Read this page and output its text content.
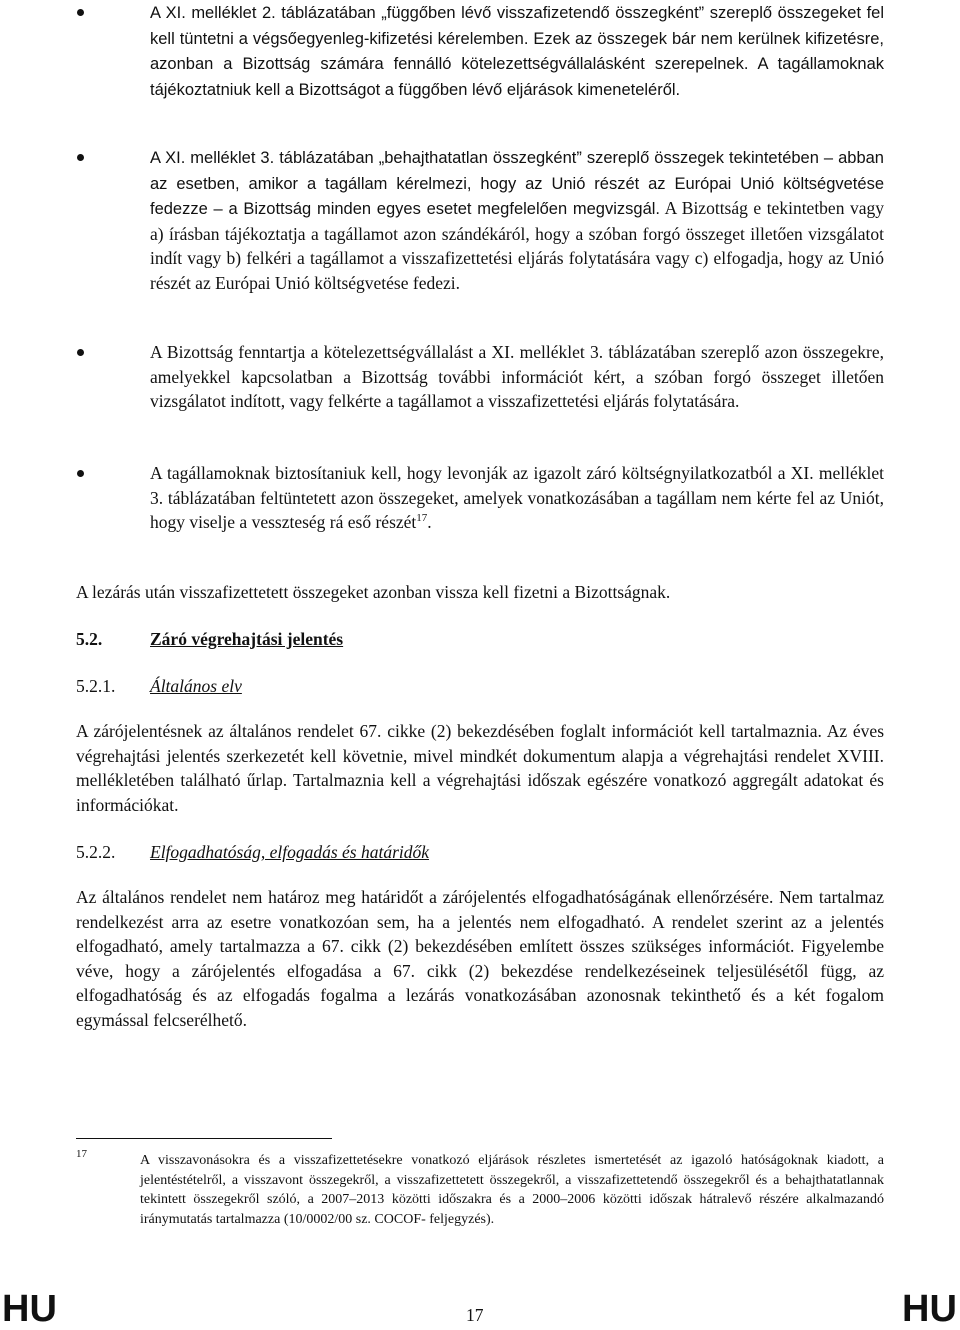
A XI. melléklet 2. táblázatában „függőben lévő visszafizetendő összegként” szereplő összegeket fel kell tüntetni a végsőegyenleg-kifizetési kérelemben. Ezek az összegek bár nem kerülnek kifizetésre, azonban a Bizottság számára fennálló kötelezettségvállalásként szerepelnek. A tagállamoknak tájékoztatniuk kell a Bizottságot a függőben lévő eljárások kimeneteléről.
A XI. melléklet 3. táblázatában „behajthatatlan összegként” szereplő összegek tekintetében – abban az esetben, amikor a tagállam kérelmezi, hogy az Unió részét az Európai Unió költségvetése fedezze – a Bizottság minden egyes esetet megfelelően megvizsgál. A Bizottság e tekintetben vagy a) írásban tájékoztatja a tagállamot azon szándékáról, hogy a szóban forgó összeget illetően vizsgálatot indít vagy b) felkéri a tagállamot a visszafizettetési eljárás folytatására vagy c) elfogadja, hogy az Unió részét az Európai Unió költségvetése fedezi.
A Bizottság fenntartja a kötelezettségvállalást a XI. melléklet 3. táblázatában szereplő azon összegekre, amelyekkel kapcsolatban a Bizottság további információt kért, a szóban forgó összeget illetően vizsgálatot indított, vagy felkérte a tagállamot a visszafizettetési eljárás folytatására.
A tagállamoknak biztosítaniuk kell, hogy levonják az igazolt záró költségnyilatkozatból a XI. melléklet 3. táblázatában feltüntetett azon összegeket, amelyek vonatkozásában a tagállam nem kérte fel az Uniót, hogy viselje a vesszteség rá eső részét$^{17}$.

A lezárás után visszafizettetett összegeket azonban vissza kell fizetni a Bizottságnak.

5.2.	Záró végrehajtási jelentés
5.2.1. Általános elv

A zárójelentésnek az általános rendelet 67. cikke (2) bekezdésében foglalt információt kell tartalmaznia. Az éves végrehajtási jelentés szerkezetét kell követnie, mivel mindkét dokumentum alapja a végrehajtási rendelet XVIII. mellékletében található űrlap. Tartalmaznia kell a végrehajtási időszak egészére vonatkozó aggregált adatokat és információkat.

5.2.2. Elfogadhatóság, elfogadás és határidők

Az általános rendelet nem határoz meg határidőt a zárójelentés elfogadhatóságának ellenőrzésére. Nem tartalmaz rendelkezést arra az esetre vonatkozóan sem, ha a jelentés nem elfogadható. A rendelet szerint az a jelentés elfogadható, amely tartalmazza a 67. cikk (2) bekezdésében említett összes szükséges információt. Figyelembe véve, hogy a zárójelentés elfogadása a 67. cikk (2) bekezdése rendelkezéseinek teljesülésétől függ, az elfogadhatóság és az elfogadás fogalma a lezárás vonatkozásában azonosnak tekinthető és a két fogalom egymással felcserélhető.

17	A visszavonásokra és a visszafizettetésekre vonatkozó eljárások részletes ismertetését az igazoló hatóságoknak kiadott, a jelentéstételről, a visszavont összegekről, a visszafizettetett összegekről, a visszafizettetendő összegekről és a behajthatatlannak tekintett összegekről szóló, a 2007–2013 közötti időszakra és a 2000–2006 közötti időszak hátralevő részére alkalmazandó iránymutatás tartalmazza (10/0002/00 sz. COCOF- feljegyzés).

HU	17	HU
